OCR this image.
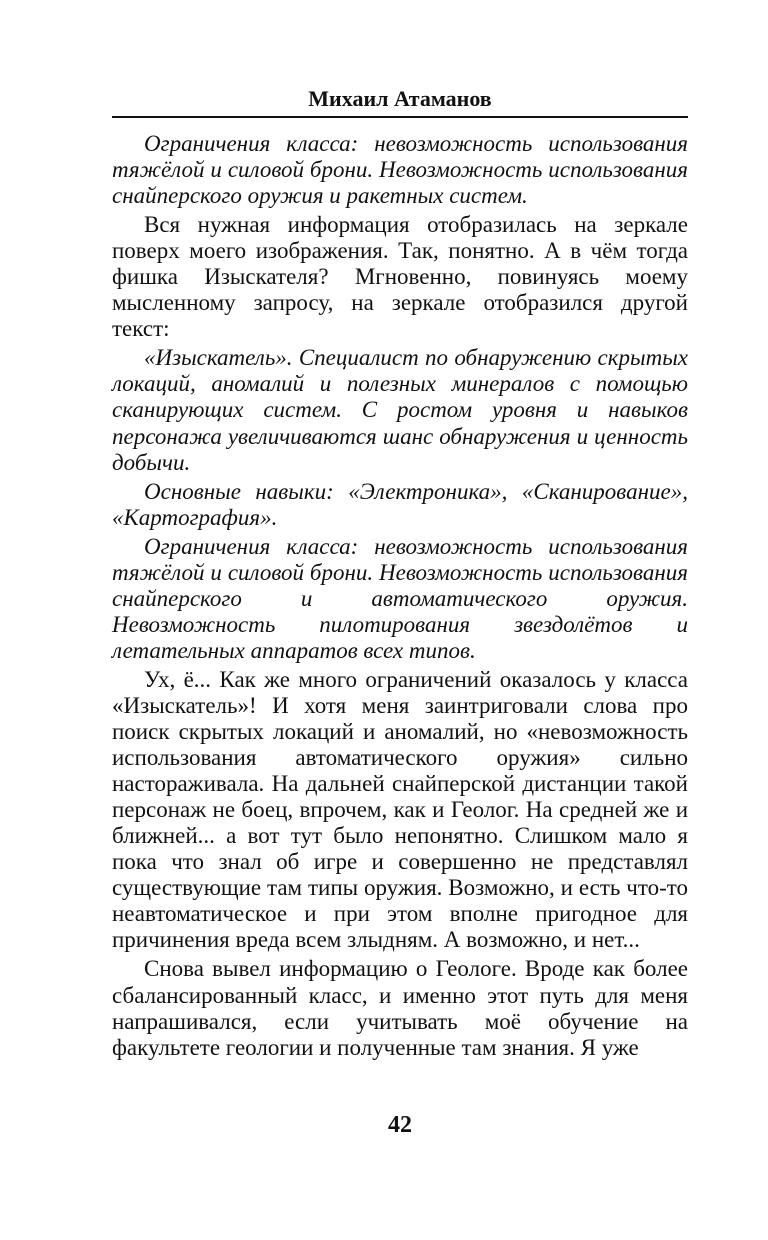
Михаил Атаманов

Ограничения класса: невозможность использования тяжёлой и силовой брони. Невозможность использования снайперского оружия и ракетных систем.

Вся нужная информация отобразилась на зеркале поверх моего изображения. Так, понятно. А в чём тогда фишка Изыскателя? Мгновенно, повинуясь моему мысленному запросу, на зеркале отобразился другой текст:

«Изыскатель». Специалист по обнаружению скрытых локаций, аномалий и полезных минералов с помощью сканирующих систем. С ростом уровня и навыков персонажа увеличиваются шанс обнаружения и ценность добычи.

Основные навыки: «Электроника», «Сканирование», «Картография».

Ограничения класса: невозможность использования тяжёлой и силовой брони. Невозможность использования снайперского и автоматического оружия. Невозможность пилотирования звездолётов и летательных аппаратов всех типов.

Ух, ё... Как же много ограничений оказалось у класса «Изыскатель»! И хотя меня заинтриговали слова про поиск скрытых локаций и аномалий, но «невозможность использования автоматического оружия» сильно настораживала. На дальней снайперской дистанции такой персонаж не боец, впрочем, как и Геолог. На средней же и ближней... а вот тут было непонятно. Слишком мало я пока что знал об игре и совершенно не представлял существующие там типы оружия. Возможно, и есть что-то неавтоматическое и при этом вполне пригодное для причинения вреда всем злыдням. А возможно, и нет...

Снова вывел информацию о Геологе. Вроде как более сбалансированный класс, и именно этот путь для меня напрашивался, если учитывать моё обучение на факультете геологии и полученные там знания. Я уже

42
